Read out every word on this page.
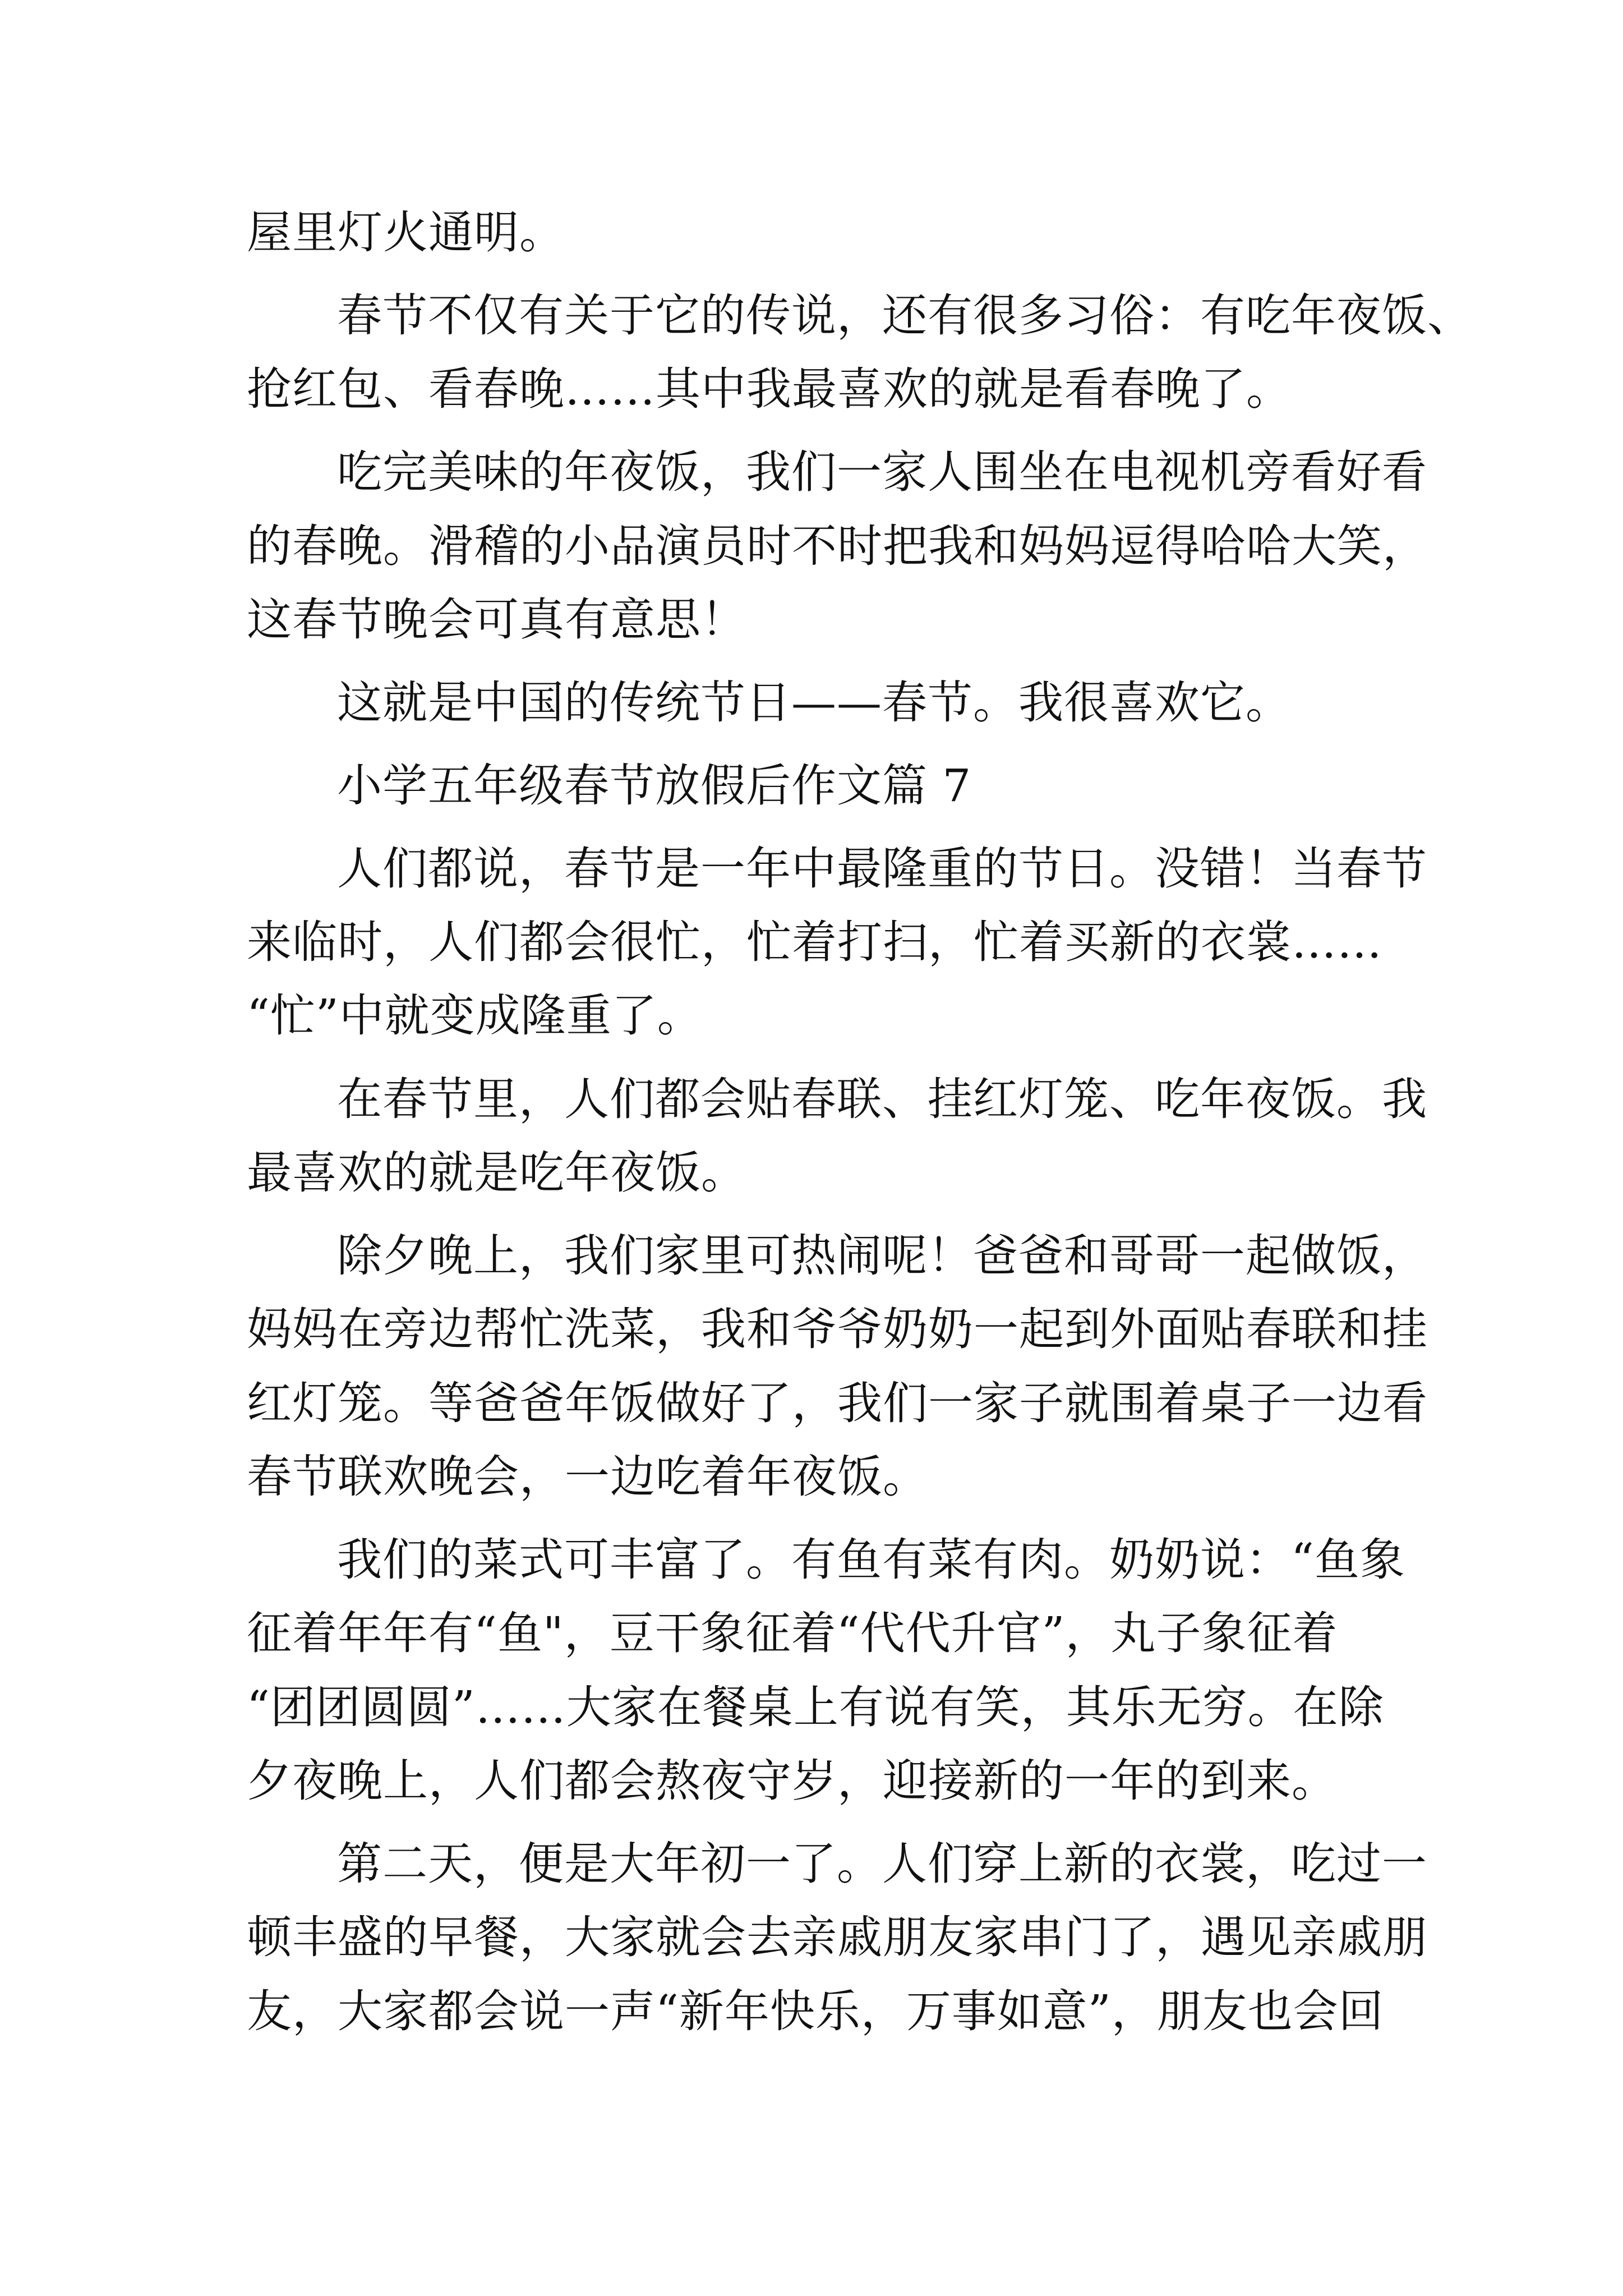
屋里灯火通明。
春节不仅有关于它的传说，还有很多习俗：有吃年夜饭、
抢红包、看春晚……其中我最喜欢的就是看春晚了。
吃完美味的年夜饭，我们一家人围坐在电视机旁看好看
的春晚。滑稽的小品演员时不时把我和妈妈逗得哈哈大笑，
这春节晚会可真有意思！
这就是中国的传统节日——春节。我很喜欢它。
小学五年级春节放假后作文篇 7
人们都说，春节是一年中最隆重的节日。没错！当春节
来临时，人们都会很忙，忙着打扫，忙着买新的衣裳……
“忙”中就变成隆重了。
在春节里，人们都会贴春联、挂红灯笼、吃年夜饭。我
最喜欢的就是吃年夜饭。
除夕晚上，我们家里可热闹呢！爸爸和哥哥一起做饭，
妈妈在旁边帮忙洗菜，我和爷爷奶奶一起到外面贴春联和挂
红灯笼。等爸爸年饭做好了，我们一家子就围着桌子一边看
春节联欢晚会，一边吃着年夜饭。
我们的菜式可丰富了。有鱼有菜有肉。奶奶说：“鱼象
征着年年有“鱼"，豆干象征着“代代升官”，丸子象征着
“团团圆圆”……大家在餐桌上有说有笑，其乐无穷。在除
夕夜晚上，人们都会熬夜守岁，迎接新的一年的到来。
第二天，便是大年初一了。人们穿上新的衣裳，吃过一
顿丰盛的早餐，大家就会去亲戚朋友家串门了，遇见亲戚朋
友，大家都会说一声“新年快乐，万事如意”，朋友也会回
